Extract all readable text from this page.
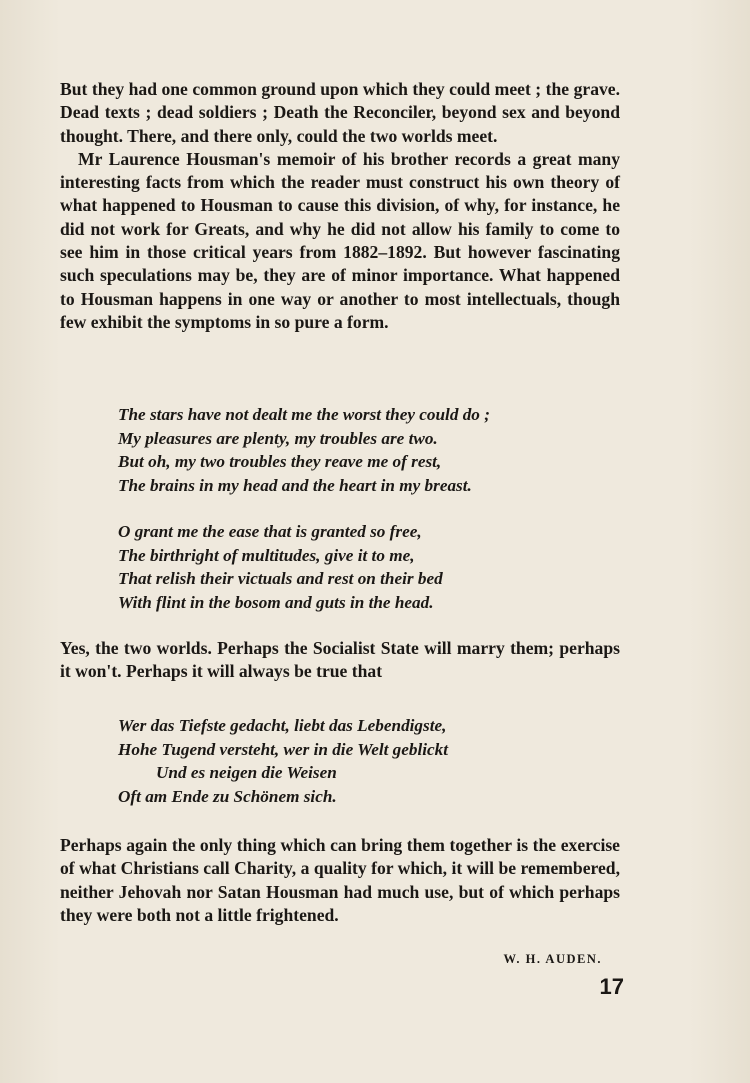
But they had one common ground upon which they could meet ; the grave. Dead texts ; dead soldiers ; Death the Reconciler, beyond sex and beyond thought. There, and there only, could the two worlds meet.

Mr Laurence Housman's memoir of his brother records a great many interesting facts from which the reader must construct his own theory of what happened to Housman to cause this division, of why, for instance, he did not work for Greats, and why he did not allow his family to come to see him in those critical years from 1882–1892. But however fascinating such speculations may be, they are of minor importance. What happened to Housman happens in one way or another to most intellectuals, though few exhibit the symptoms in so pure a form.

The stars have not dealt me the worst they could do ;
My pleasures are plenty, my troubles are two.
But oh, my two troubles they reave me of rest,
The brains in my head and the heart in my breast.
O grant me the ease that is granted so free,
The birthright of multitudes, give it to me,
That relish their victuals and rest on their bed
With flint in the bosom and guts in the head.

Yes, the two worlds. Perhaps the Socialist State will marry them; perhaps it won't. Perhaps it will always be true that

Wer das Tiefste gedacht, liebt das Lebendigste,
Hohe Tugend versteht, wer in die Welt geblickt
Und es neigen die Weisen
Oft am Ende zu Schönem sich.

Perhaps again the only thing which can bring them together is the exercise of what Christians call Charity, a quality for which, it will be remembered, neither Jehovah nor Satan Housman had much use, but of which perhaps they were both not a little frightened.

W. H. AUDEN.
17
